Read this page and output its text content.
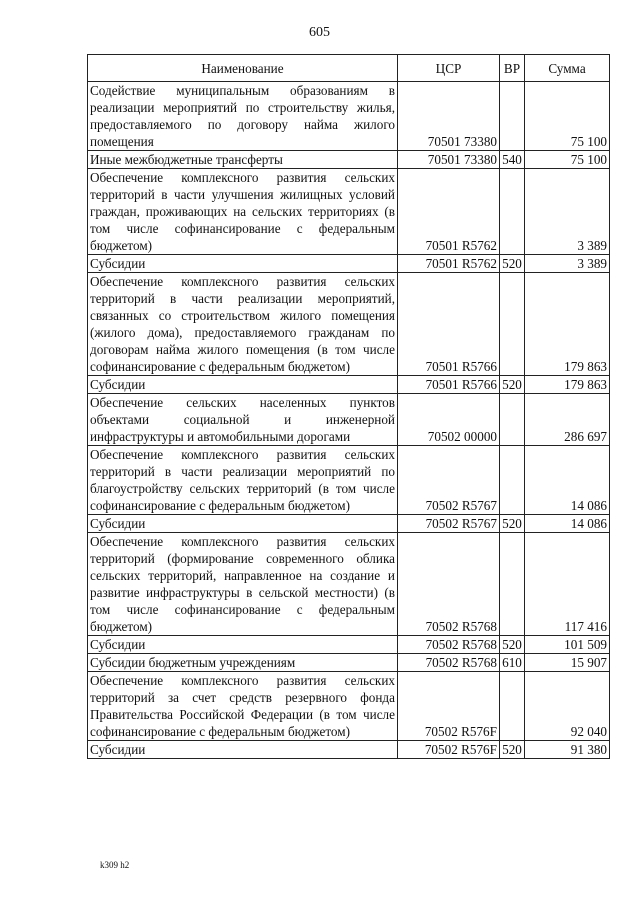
605
Наименование	ЦСР	ВР	Сумма
Содействие муниципальным образованиям в реализации мероприятий по строительству жилья, предоставляемого по договору найма жилого помещения	70501 73380		75 100
Иные межбюджетные трансферты	70501 73380	540	75 100
Обеспечение комплексного развития сельских территорий в части улучшения жилищных условий граждан, проживающих на сельских территориях (в том числе софинансирование с федеральным бюджетом)	70501 R5762		3 389
Субсидии	70501 R5762	520	3 389
Обеспечение комплексного развития сельских территорий в части реализации мероприятий, связанных со строительством жилого помещения (жилого дома), предоставляемого гражданам по договорам найма жилого помещения (в том числе софинансирование с федеральным бюджетом)	70501 R5766		179 863
Субсидии	70501 R5766	520	179 863
Обеспечение сельских населенных пунктов объектами социальной и инженерной инфраструктуры и автомобильными дорогами	70502 00000		286 697
Обеспечение комплексного развития сельских территорий в части реализации мероприятий по благоустройству сельских территорий (в том числе софинансирование с федеральным бюджетом)	70502 R5767		14 086
Субсидии	70502 R5767	520	14 086
Обеспечение комплексного развития сельских территорий (формирование современного облика сельских территорий, направленное на создание и развитие инфраструктуры в сельской местности) (в том числе софинансирование с федеральным бюджетом)	70502 R5768		117 416
Субсидии	70502 R5768	520	101 509
Субсидии бюджетным учреждениям	70502 R5768	610	15 907
Обеспечение комплексного развития сельских территорий за счет средств резервного фонда Правительства Российской Федерации (в том числе софинансирование с федеральным бюджетом)	70502 R576F		92 040
Субсидии	70502 R576F	520	91 380
k309 h2
